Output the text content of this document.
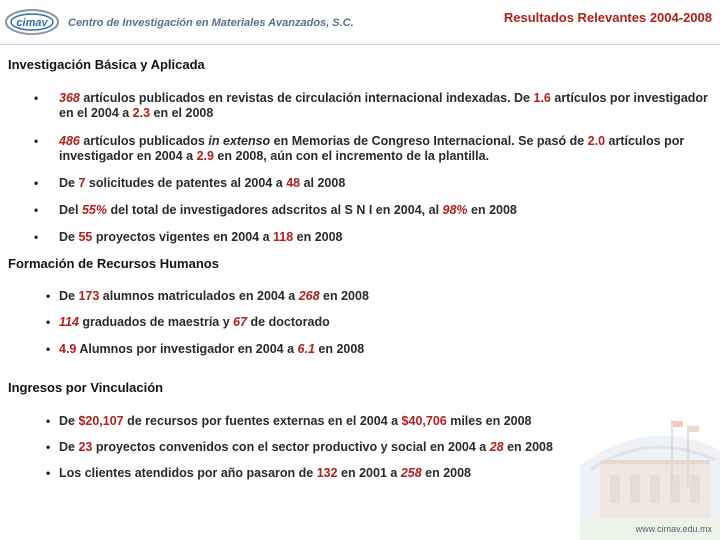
cimav Centro de Investigación en Materiales Avanzados, S.C.	Resultados Relevantes 2004-2008
www.cimav.edu.mx
Investigación Básica y Aplicada
• 368 artículos publicados en revistas de circulación internacional indexadas. De 1.6 artículos por investigador en el 2004 a 2.3 en el 2008
• 486 artículos publicados in extenso en Memorias de Congreso Internacional. Se pasó de 2.0 artículos por investigador en 2004 a 2.9 en 2008, aún con el incremento de la plantilla.
• De 7 solicitudes de patentes al 2004 a 48 al 2008
• Del 55% del total de investigadores adscritos al S N I en 2004, al 98% en 2008
• De 55 proyectos vigentes en 2004 a 118 en 2008
Formación de Recursos Humanos
• De 173 alumnos matriculados en 2004 a 268 en 2008
• 114 graduados de maestría y 67 de doctorado
• 4.9 Alumnos por investigador en 2004 a 6.1 en 2008
Ingresos por Vinculación
• De $20,107 de recursos por fuentes externas en el 2004 a $40,706 miles en 2008
• De 23 proyectos convenidos con el sector productivo y social en 2004 a 28 en 2008
• Los clientes atendidos por año pasaron de 132 en 2001 a 258 en 2008
